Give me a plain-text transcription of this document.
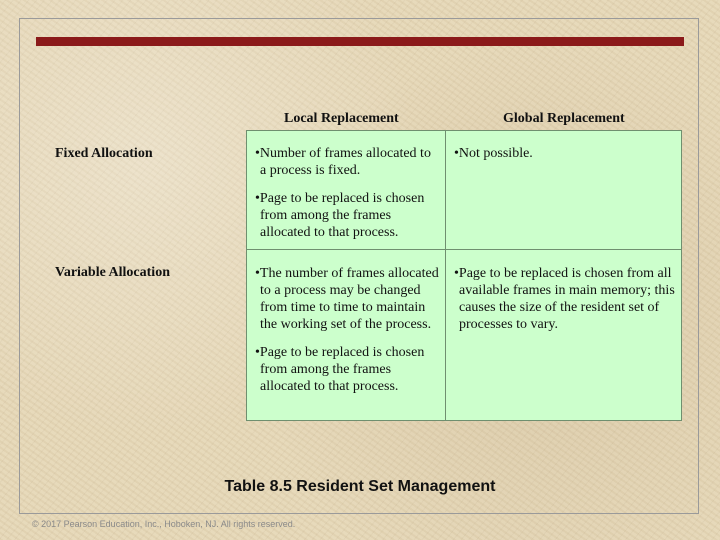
Local Replacement	Global Replacement
Fixed Allocation
Variable Allocation

•Number of frames allocated to a process is fixed.

•Page to be replaced is chosen from among the frames allocated to that process.

•Not possible.

•The number of frames allocated to a process may be changed from time to time to maintain the working set of the process.

•Page to be replaced is chosen from among the frames allocated to that process.

•Page to be replaced is chosen from all available frames in main memory; this causes the size of the resident set of processes to vary.

Table 8.5 Resident Set Management
© 2017 Pearson Education, Inc., Hoboken, NJ. All rights reserved.
